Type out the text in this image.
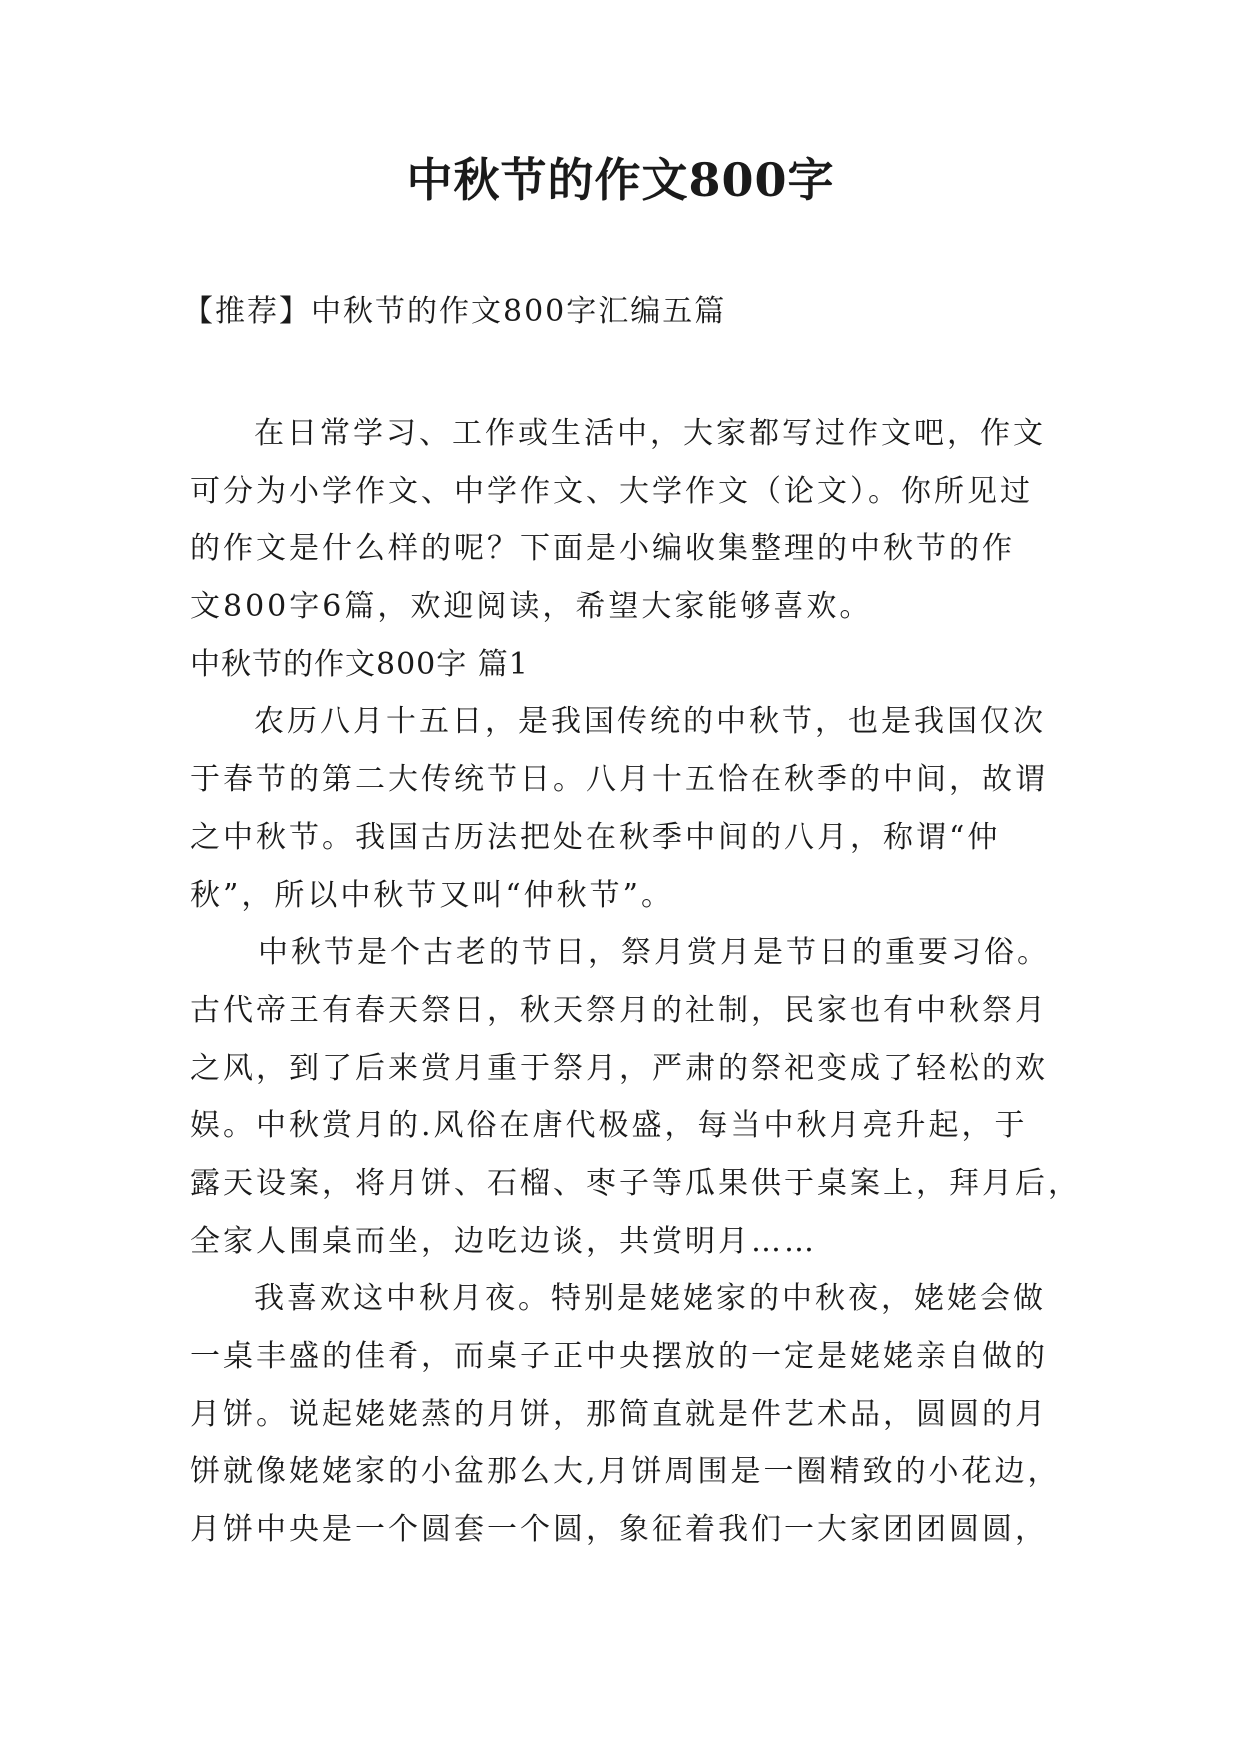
中秋节的作文800字

【推荐】中秋节的作文800字汇编五篇

在日常学习、工作或生活中，大家都写过作文吧，作文
可分为小学作文、中学作文、大学作文（论文）。你所见过
的作文是什么样的呢？下面是小编收集整理的中秋节的作
文800字6篇，欢迎阅读，希望大家能够喜欢。
中秋节的作文800字 篇1
农历八月十五日，是我国传统的中秋节，也是我国仅次
于春节的第二大传统节日。八月十五恰在秋季的中间，故谓
之中秋节。我国古历法把处在秋季中间的八月，称谓“仲
秋”，所以中秋节又叫“仲秋节”。
中秋节是个古老的节日，祭月赏月是节日的重要习俗。
古代帝王有春天祭日，秋天祭月的社制，民家也有中秋祭月
之风，到了后来赏月重于祭月，严肃的祭祀变成了轻松的欢
娱。中秋赏月的.风俗在唐代极盛，每当中秋月亮升起，于
露天设案，将月饼、石榴、枣子等瓜果供于桌案上，拜月后，
全家人围桌而坐，边吃边谈，共赏明月……
我喜欢这中秋月夜。特别是姥姥家的中秋夜，姥姥会做
一桌丰盛的佳肴，而桌子正中央摆放的一定是姥姥亲自做的
月饼。说起姥姥蒸的月饼，那简直就是件艺术品，圆圆的月
饼就像姥姥家的小盆那么大,月饼周围是一圈精致的小花边，
月饼中央是一个圆套一个圆，象征着我们一大家团团圆圆，
